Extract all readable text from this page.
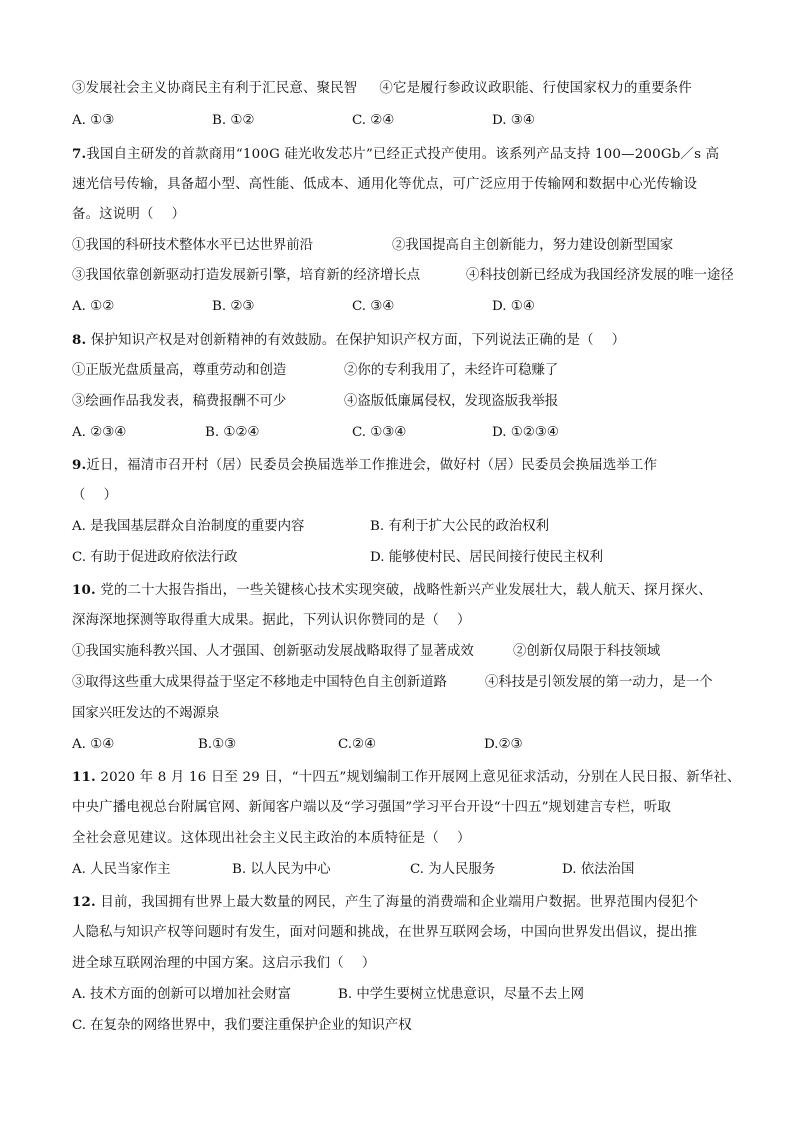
③发展社会主义协商民主有利于汇民意、聚民智 ④它是履行参政议政职能、行使国家权力的重要条件
A. ①③	B. ①②	C. ②④	D. ③④
7.我国自主研发的首款商用“100G 硅光收发芯片”已经正式投产使用。该系列产品支持 100—200Gb／s 高
速光信号传输，具备超小型、高性能、低成本、通用化等优点，可广泛应用于传输网和数据中心光传输设
备。这说明（　 ）
①我国的科研技术整体水平已达世界前沿	②我国提高自主创新能力，努力建设创新型国家
③我国依靠创新驱动打造发展新引擎，培育新的经济增长点	④科技创新已经成为我国经济发展的唯一途径
A. ①②	B. ②③	C. ③④	D. ①④
8. 保护知识产权是对创新精神的有效鼓励。在保护知识产权方面，下列说法正确的是（　 ）
①正版光盘质量高，尊重劳动和创造	②你的专利我用了，未经许可稳赚了
③绘画作品我发表，稿费报酬不可少	④盗版低廉属侵权，发现盗版我举报
A. ②③④	B. ①②④	C. ①③④	D. ①②③④
9.近日，福清市召开村（居）民委员会换届选举工作推进会，做好村（居）民委员会换届选举工作
（　 ）
A. 是我国基层群众自治制度的重要内容	B. 有利于扩大公民的政治权利
C. 有助于促进政府依法行政	D. 能够使村民、居民间接行使民主权利
10. 党的二十大报告指出，一些关键核心技术实现突破，战略性新兴产业发展壮大，载人航天、探月探火、
深海深地探测等取得重大成果。据此，下列认识你赞同的是（　 ）
①我国实施科教兴国、人才强国、创新驱动发展战略取得了显著成效	②创新仅局限于科技领域
③取得这些重大成果得益于坚定不移地走中国特色自主创新道路	④科技是引领发展的第一动力，是一个
国家兴旺发达的不竭源泉
A. ①④	B.①③	C.②④	D.②③
11. 2020 年 8 月 16 日至 29 日，“十四五”规划编制工作开展网上意见征求活动，分别在人民日报、新华社、
中央广播电视总台附属官网、新闻客户端以及“学习强国”学习平台开设“十四五”规划建言专栏，听取
全社会意见建议。这体现出社会主义民主政治的本质特征是（　 ）
A. 人民当家作主	B. 以人民为中心	C. 为人民服务	D. 依法治国
12. 目前，我国拥有世界上最大数量的网民，产生了海量的消费端和企业端用户数据。世界范围内侵犯个
人隐私与知识产权等问题时有发生，面对问题和挑战，在世界互联网会场，中国向世界发出倡议，提出推
进全球互联网治理的中国方案。这启示我们（　 ）
A. 技术方面的创新可以增加社会财富	B. 中学生要树立忧患意识，尽量不去上网
C. 在复杂的网络世界中，我们要注重保护企业的知识产权
